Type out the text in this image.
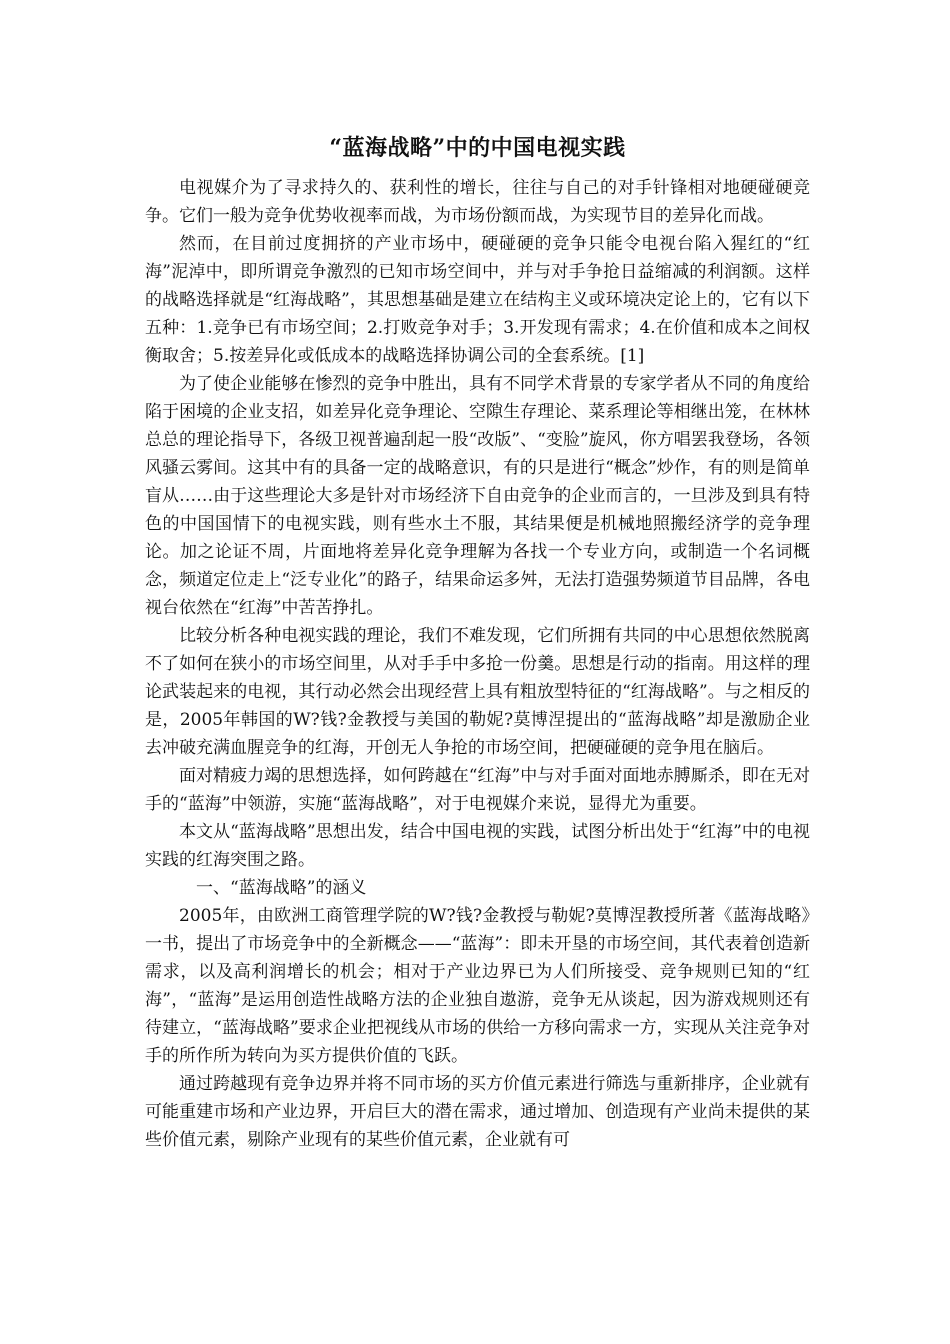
“蓝海战略”中的中国电视实践

电视媒介为了寻求持久的、获利性的增长，往往与自己的对手针锋相对地硬碰硬竞争。它们一般为竞争优势收视率而战，为市场份额而战，为实现节目的差异化而战。

然而，在目前过度拥挤的产业市场中，硬碰硬的竞争只能令电视台陷入猩红的“红海”泥淖中，即所谓竞争激烈的已知市场空间中，并与对手争抢日益缩减的利润额。这样的战略选择就是“红海战略”，其思想基础是建立在结构主义或环境决定论上的，它有以下五种：1.竞争已有市场空间；2.打败竞争对手；3.开发现有需求；4.在价值和成本之间权衡取舍；5.按差异化或低成本的战略选择协调公司的全套系统。[1]

为了使企业能够在惨烈的竞争中胜出，具有不同学术背景的专家学者从不同的角度给陷于困境的企业支招，如差异化竞争理论、空隙生存理论、菜系理论等相继出笼，在林林总总的理论指导下，各级卫视普遍刮起一股“改版”、“变脸”旋风，你方唱罢我登场，各领风骚云雾间。这其中有的具备一定的战略意识，有的只是进行“概念”炒作，有的则是简单盲从……由于这些理论大多是针对市场经济下自由竞争的企业而言的，一旦涉及到具有特色的中国国情下的电视实践，则有些水土不服，其结果便是机械地照搬经济学的竞争理论。加之论证不周，片面地将差异化竞争理解为各找一个专业方向，或制造一个名词概念，频道定位走上“泛专业化”的路子，结果命运多舛，无法打造强势频道节目品牌，各电视台依然在“红海”中苦苦挣扎。

比较分析各种电视实践的理论，我们不难发现，它们所拥有共同的中心思想依然脱离不了如何在狭小的市场空间里，从对手手中多抢一份羹。思想是行动的指南。用这样的理论武装起来的电视，其行动必然会出现经营上具有粗放型特征的“红海战略”。与之相反的是，2005年韩国的W?钱?金教授与美国的勒妮?莫博涅提出的“蓝海战略”却是激励企业去冲破充满血腥竞争的红海，开创无人争抢的市场空间，把硬碰硬的竞争甩在脑后。

面对精疲力竭的思想选择，如何跨越在“红海”中与对手面对面地赤膊厮杀，即在无对手的“蓝海”中领游，实施“蓝海战略”，对于电视媒介来说，显得尤为重要。

本文从“蓝海战略”思想出发，结合中国电视的实践，试图分析出处于“红海”中的电视实践的红海突围之路。

一、“蓝海战略”的涵义

2005年，由欧洲工商管理学院的W?钱?金教授与勒妮?莫博涅教授所著《蓝海战略》一书，提出了市场竞争中的全新概念——“蓝海”：即未开垦的市场空间，其代表着创造新需求，以及高利润增长的机会；相对于产业边界已为人们所接受、竞争规则已知的“红海”，“蓝海”是运用创造性战略方法的企业独自遨游，竞争无从谈起，因为游戏规则还有待建立，“蓝海战略”要求企业把视线从市场的供给一方移向需求一方，实现从关注竞争对手的所作所为转向为买方提供价值的飞跃。

通过跨越现有竞争边界并将不同市场的买方价值元素进行筛选与重新排序，企业就有可能重建市场和产业边界，开启巨大的潜在需求，通过增加、创造现有产业尚未提供的某些价值元素，剔除产业现有的某些价值元素，企业就有可
